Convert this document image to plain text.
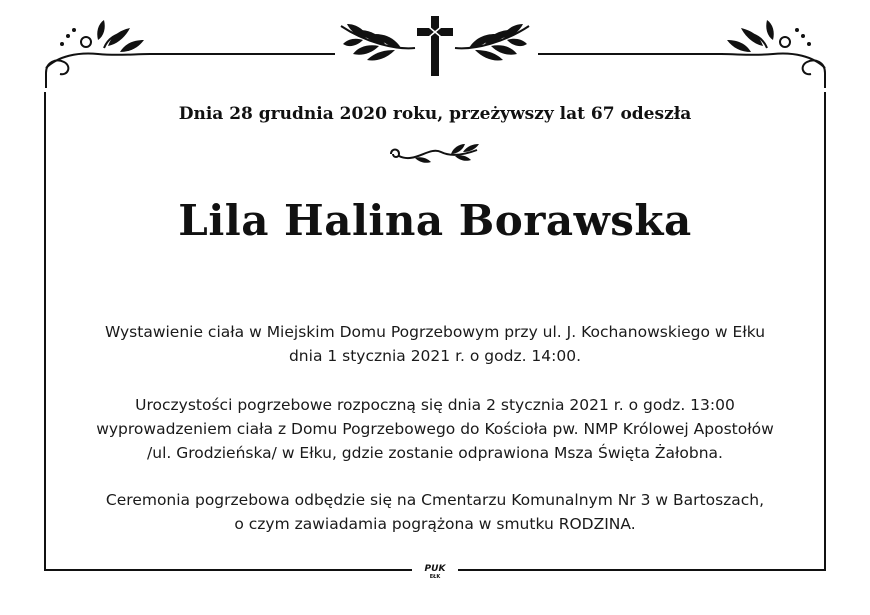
Dnia 28 grudnia 2020 roku, przeżywszy lat 67 odeszła
Lila Halina Borawska
Wystawienie ciała w Miejskim Domu Pogrzebowym przy ul. J. Kochanowskiego w Ełku
dnia 1 stycznia 2021 r. o godz. 14:00.
Uroczystości pogrzebowe rozpoczną się dnia 2 stycznia 2021 r. o godz. 13:00
wyprowadzeniem ciała z Domu Pogrzebowego do Kościoła pw. NMP Królowej Apostołów
/ul. Grodzieńska/ w Ełku, gdzie zostanie odprawiona Msza Święta Żałobna.
Ceremonia pogrzebowa odbędzie się na Cmentarzu Komunalnym Nr 3 w Bartoszach,
o czym zawiadamia pogrążona w smutku RODZINA.
PUK
EŁK
